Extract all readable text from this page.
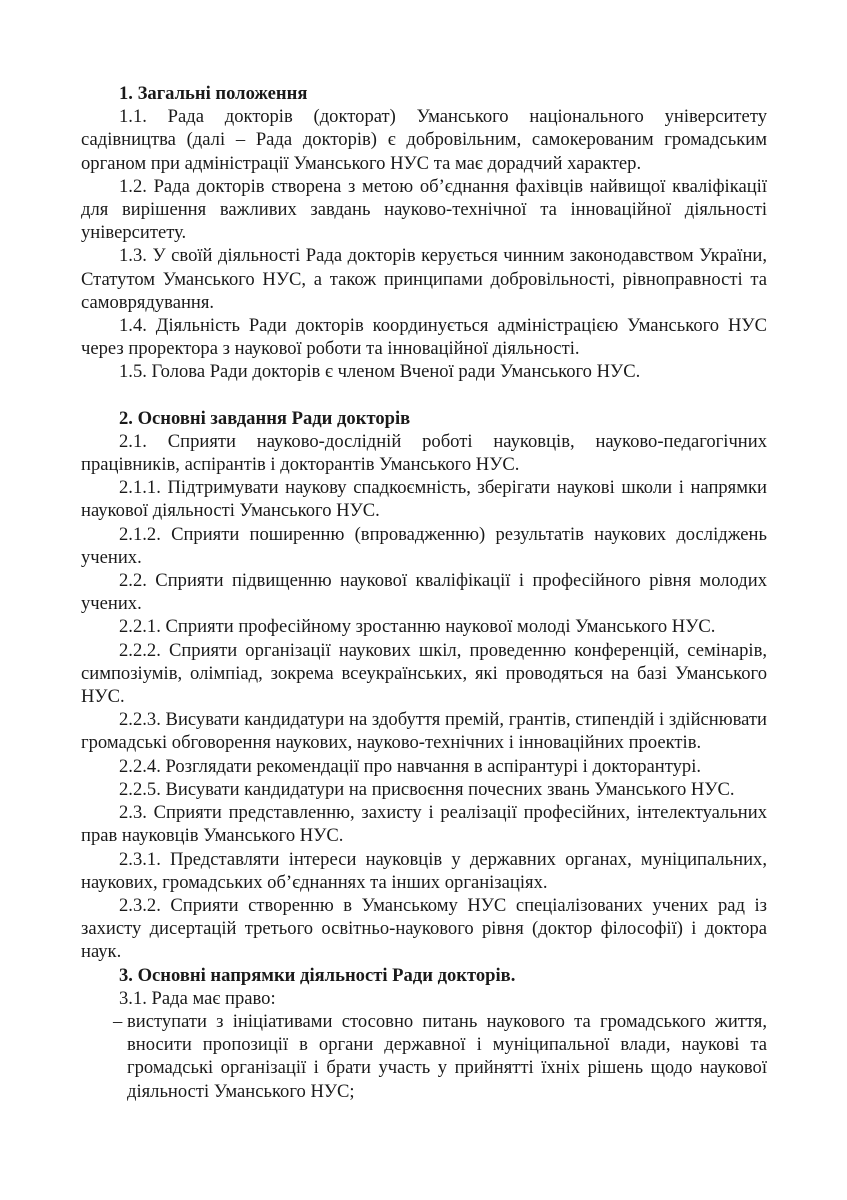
1. Загальні положення

1.1. Рада докторів (докторат) Уманського національного університету садівництва (далі – Рада докторів) є добровільним, самокерованим громадським органом при адміністрації Уманського НУС та має дорадчий характер.

1.2. Рада докторів створена з метою об’єднання фахівців найвищої кваліфікації для вирішення важливих завдань науково-технічної та інноваційної діяльності університету.

1.3. У своїй діяльності Рада докторів керується чинним законодавством України, Статутом Уманського НУС, а також принципами добровільності, рівноправності та самоврядування.

1.4. Діяльність Ради докторів координується адміністрацією Уманського НУС через проректора з наукової роботи та інноваційної діяльності.

1.5. Голова Ради докторів є членом Вченої ради Уманського НУС.

2. Основні завдання Ради докторів

2.1. Сприяти науково-дослідній роботі науковців, науково-педагогічних працівників, аспірантів і докторантів Уманського НУС.

2.1.1. Підтримувати наукову спадкоємність, зберігати наукові школи і напрямки наукової діяльності Уманського НУС.

2.1.2. Сприяти поширенню (впровадженню) результатів наукових досліджень учених.

2.2. Сприяти підвищенню наукової кваліфікації і професійного рівня молодих учених.

2.2.1. Сприяти професійному зростанню наукової молоді Уманського НУС.

2.2.2. Сприяти організації наукових шкіл, проведенню конференцій, семінарів, симпозіумів, олімпіад, зокрема всеукраїнських, які проводяться на базі Уманського НУС.

2.2.3. Висувати кандидатури на здобуття премій, грантів, стипендій і здійснювати громадські обговорення наукових, науково-технічних і інноваційних проектів.

2.2.4. Розглядати рекомендації про навчання в аспірантурі і докторантурі.

2.2.5. Висувати кандидатури на присвоєння почесних звань Уманського НУС.

2.3. Сприяти представленню, захисту і реалізації професійних, інтелектуальних прав науковців Уманського НУС.

2.3.1. Представляти інтереси науковців у державних органах, муніципальних, наукових, громадських об’єднаннях та інших організаціях.

2.3.2. Сприяти створенню в Уманському НУС спеціалізованих учених рад із захисту дисертацій третього освітньо-наукового рівня (доктор філософії) і доктора наук.

3. Основні напрямки діяльності Ради докторів.

3.1. Рада має право:

– виступати з ініціативами стосовно питань наукового та громадського життя, вносити пропозиції в органи державної і муніципальної влади, наукові та громадські організації і брати участь у прийнятті їхніх рішень щодо наукової діяльності Уманського НУС;
